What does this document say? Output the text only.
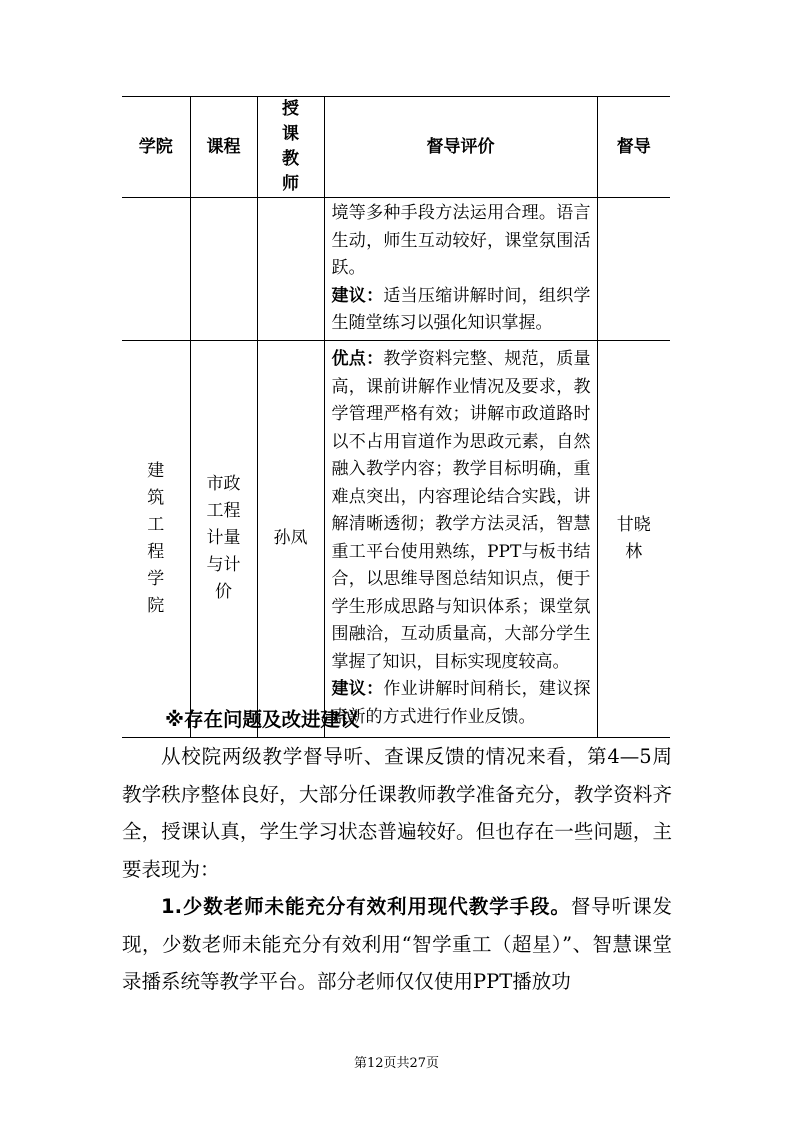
学院	课程	授课教师	督导评价	督导
			境等多种手段方法运用合理。语言生动，师生互动较好，课堂氛围活跃。
建议：适当压缩讲解时间，组织学生随堂练习以强化知识掌握。	
建筑工程学院	市政工程计量与计价	孙凤	优点：教学资料完整、规范，质量高，课前讲解作业情况及要求，教学管理严格有效；讲解市政道路时以不占用盲道作为思政元素，自然融入教学内容；教学目标明确，重难点突出，内容理论结合实践，讲解清晰透彻；教学方法灵活，智慧重工平台使用熟练，PPT与板书结合，以思维导图总结知识点，便于学生形成思路与知识体系；课堂氛围融洽，互动质量高，大部分学生掌握了知识，目标实现度较高。
建议：作业讲解时间稍长，建议探索新的方式进行作业反馈。	甘晓林
※存在问题及改进建议

从校院两级教学督导听、查课反馈的情况来看，第4—5周教学秩序整体良好，大部分任课教师教学准备充分，教学资料齐全，授课认真，学生学习状态普遍较好。但也存在一些问题，主要表现为：

1.少数老师未能充分有效利用现代教学手段。督导听课发现，少数老师未能充分有效利用“智学重工（超星）”、智慧课堂录播系统等教学平台。部分老师仅仅使用PPT播放功

第12页共27页
